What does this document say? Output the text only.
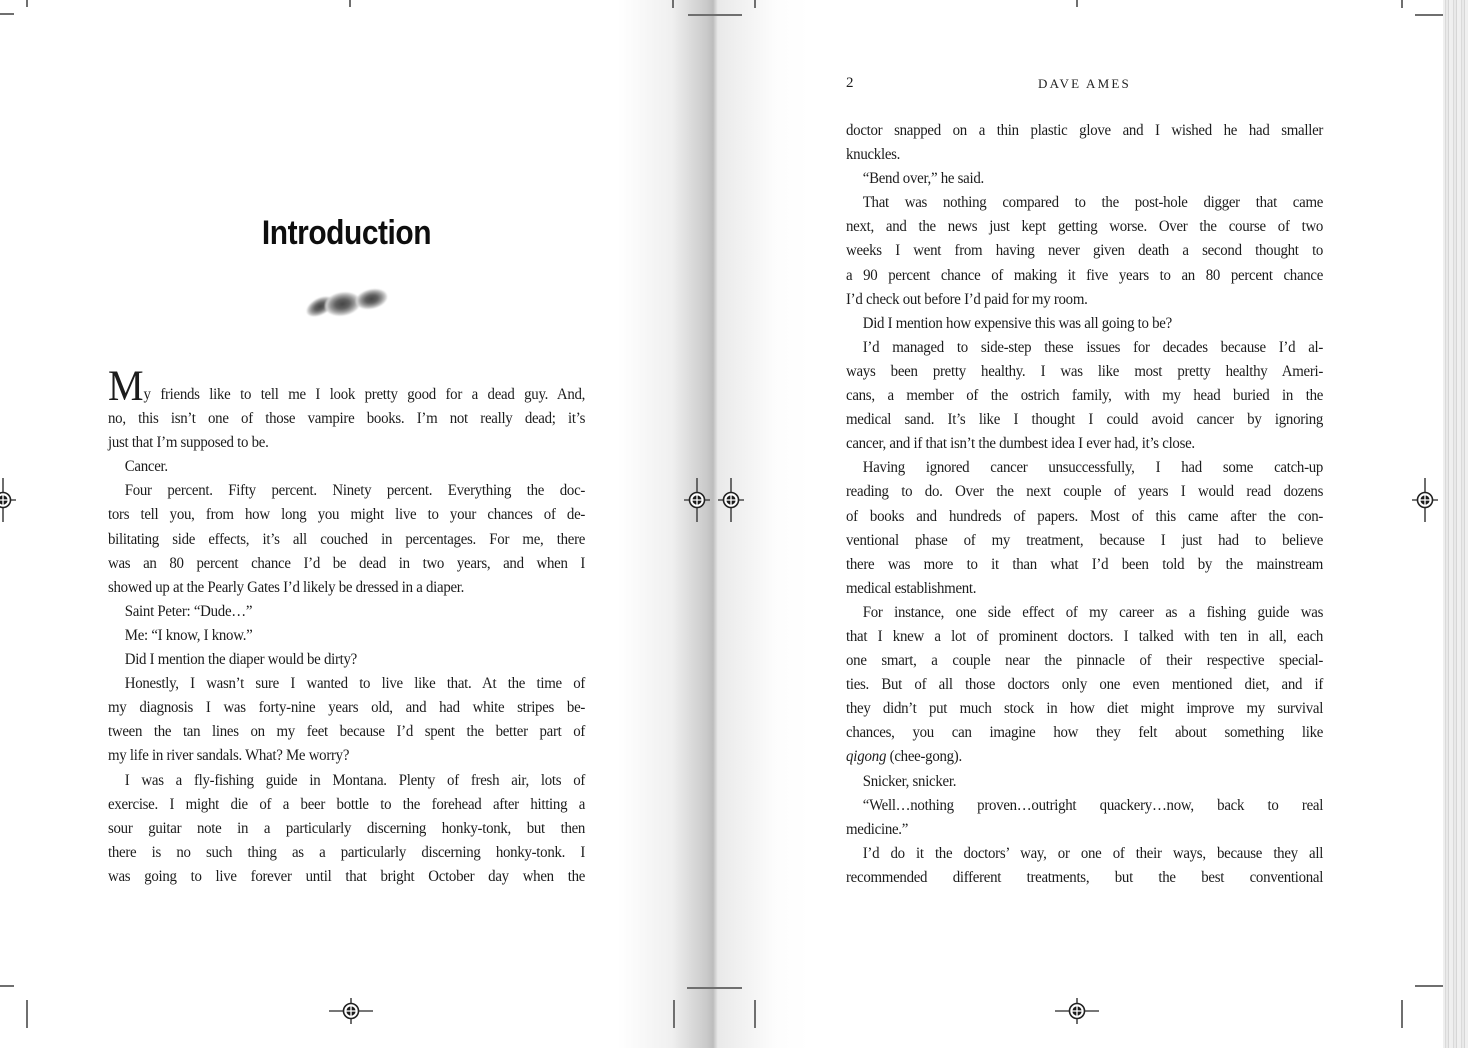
Introduction
My friends like to tell me I look pretty good for a dead guy. And,
no, this isn’t one of those vampire books. I’m not really dead; it’s
just that I’m supposed to be.
Cancer.
Four percent. Fifty percent. Ninety percent. Everything the doc-
tors tell you, from how long you might live to your chances of de-
bilitating side effects, it’s all couched in percentages. For me, there
was an 80 percent chance I’d be dead in two years, and when I
showed up at the Pearly Gates I’d likely be dressed in a diaper.
Saint Peter: “Dude…”
Me: “I know, I know.”
Did I mention the diaper would be dirty?
Honestly, I wasn’t sure I wanted to live like that. At the time of
my diagnosis I was forty-nine years old, and had white stripes be-
tween the tan lines on my feet because I’d spent the better part of
my life in river sandals. What? Me worry?
I was a fly-fishing guide in Montana. Plenty of fresh air, lots of
exercise. I might die of a beer bottle to the forehead after hitting a
sour guitar note in a particularly discerning honky-tonk, but then
there is no such thing as a particularly discerning honky-tonk. I
was going to live forever until that bright October day when the
2	DAVE AMES
doctor snapped on a thin plastic glove and I wished he had smaller
knuckles.
“Bend over,” he said.
That was nothing compared to the post-hole digger that came
next, and the news just kept getting worse. Over the course of two
weeks I went from having never given death a second thought to
a 90 percent chance of making it five years to an 80 percent chance
I’d check out before I’d paid for my room.
Did I mention how expensive this was all going to be?
I’d managed to side-step these issues for decades because I’d al-
ways been pretty healthy. I was like most pretty healthy Ameri-
cans, a member of the ostrich family, with my head buried in the
medical sand. It’s like I thought I could avoid cancer by ignoring
cancer, and if that isn’t the dumbest idea I ever had, it’s close.
Having ignored cancer unsuccessfully, I had some catch-up
reading to do. Over the next couple of years I would read dozens
of books and hundreds of papers. Most of this came after the con-
ventional phase of my treatment, because I just had to believe
there was more to it than what I’d been told by the mainstream
medical establishment.
For instance, one side effect of my career as a fishing guide was
that I knew a lot of prominent doctors. I talked with ten in all, each
one smart, a couple near the pinnacle of their respective special-
ties. But of all those doctors only one even mentioned diet, and if
they didn’t put much stock in how diet might improve my survival
chances, you can imagine how they felt about something like
qigong (chee-gong).
Snicker, snicker.
“Well…nothing proven…outright quackery…now, back to real
medicine.”
I’d do it the doctors’ way, or one of their ways, because they all
recommended different treatments, but the best conventional
